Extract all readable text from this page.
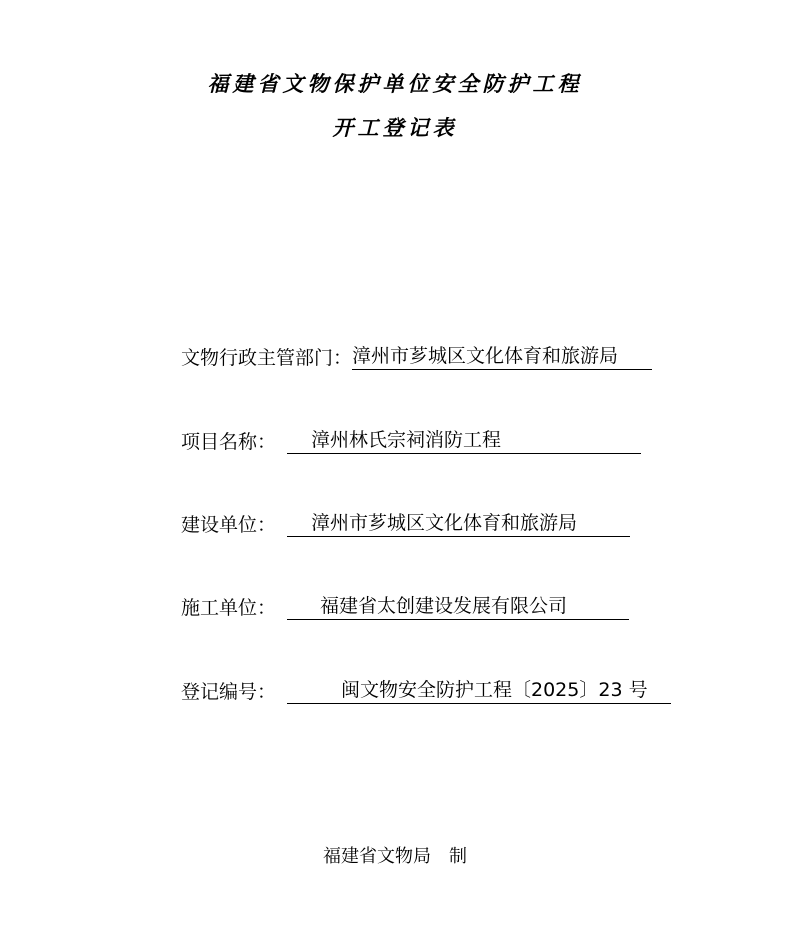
福建省文物保护单位安全防护工程
开工登记表
文物行政主管部门： 漳州市芗城区文化体育和旅游局
项目名称：	漳州林氏宗祠消防工程
建设单位：	漳州市芗城区文化体育和旅游局
施工单位：	福建省太创建设发展有限公司
登记编号：	闽文物安全防护工程〔2025〕23 号
福建省文物局 制
